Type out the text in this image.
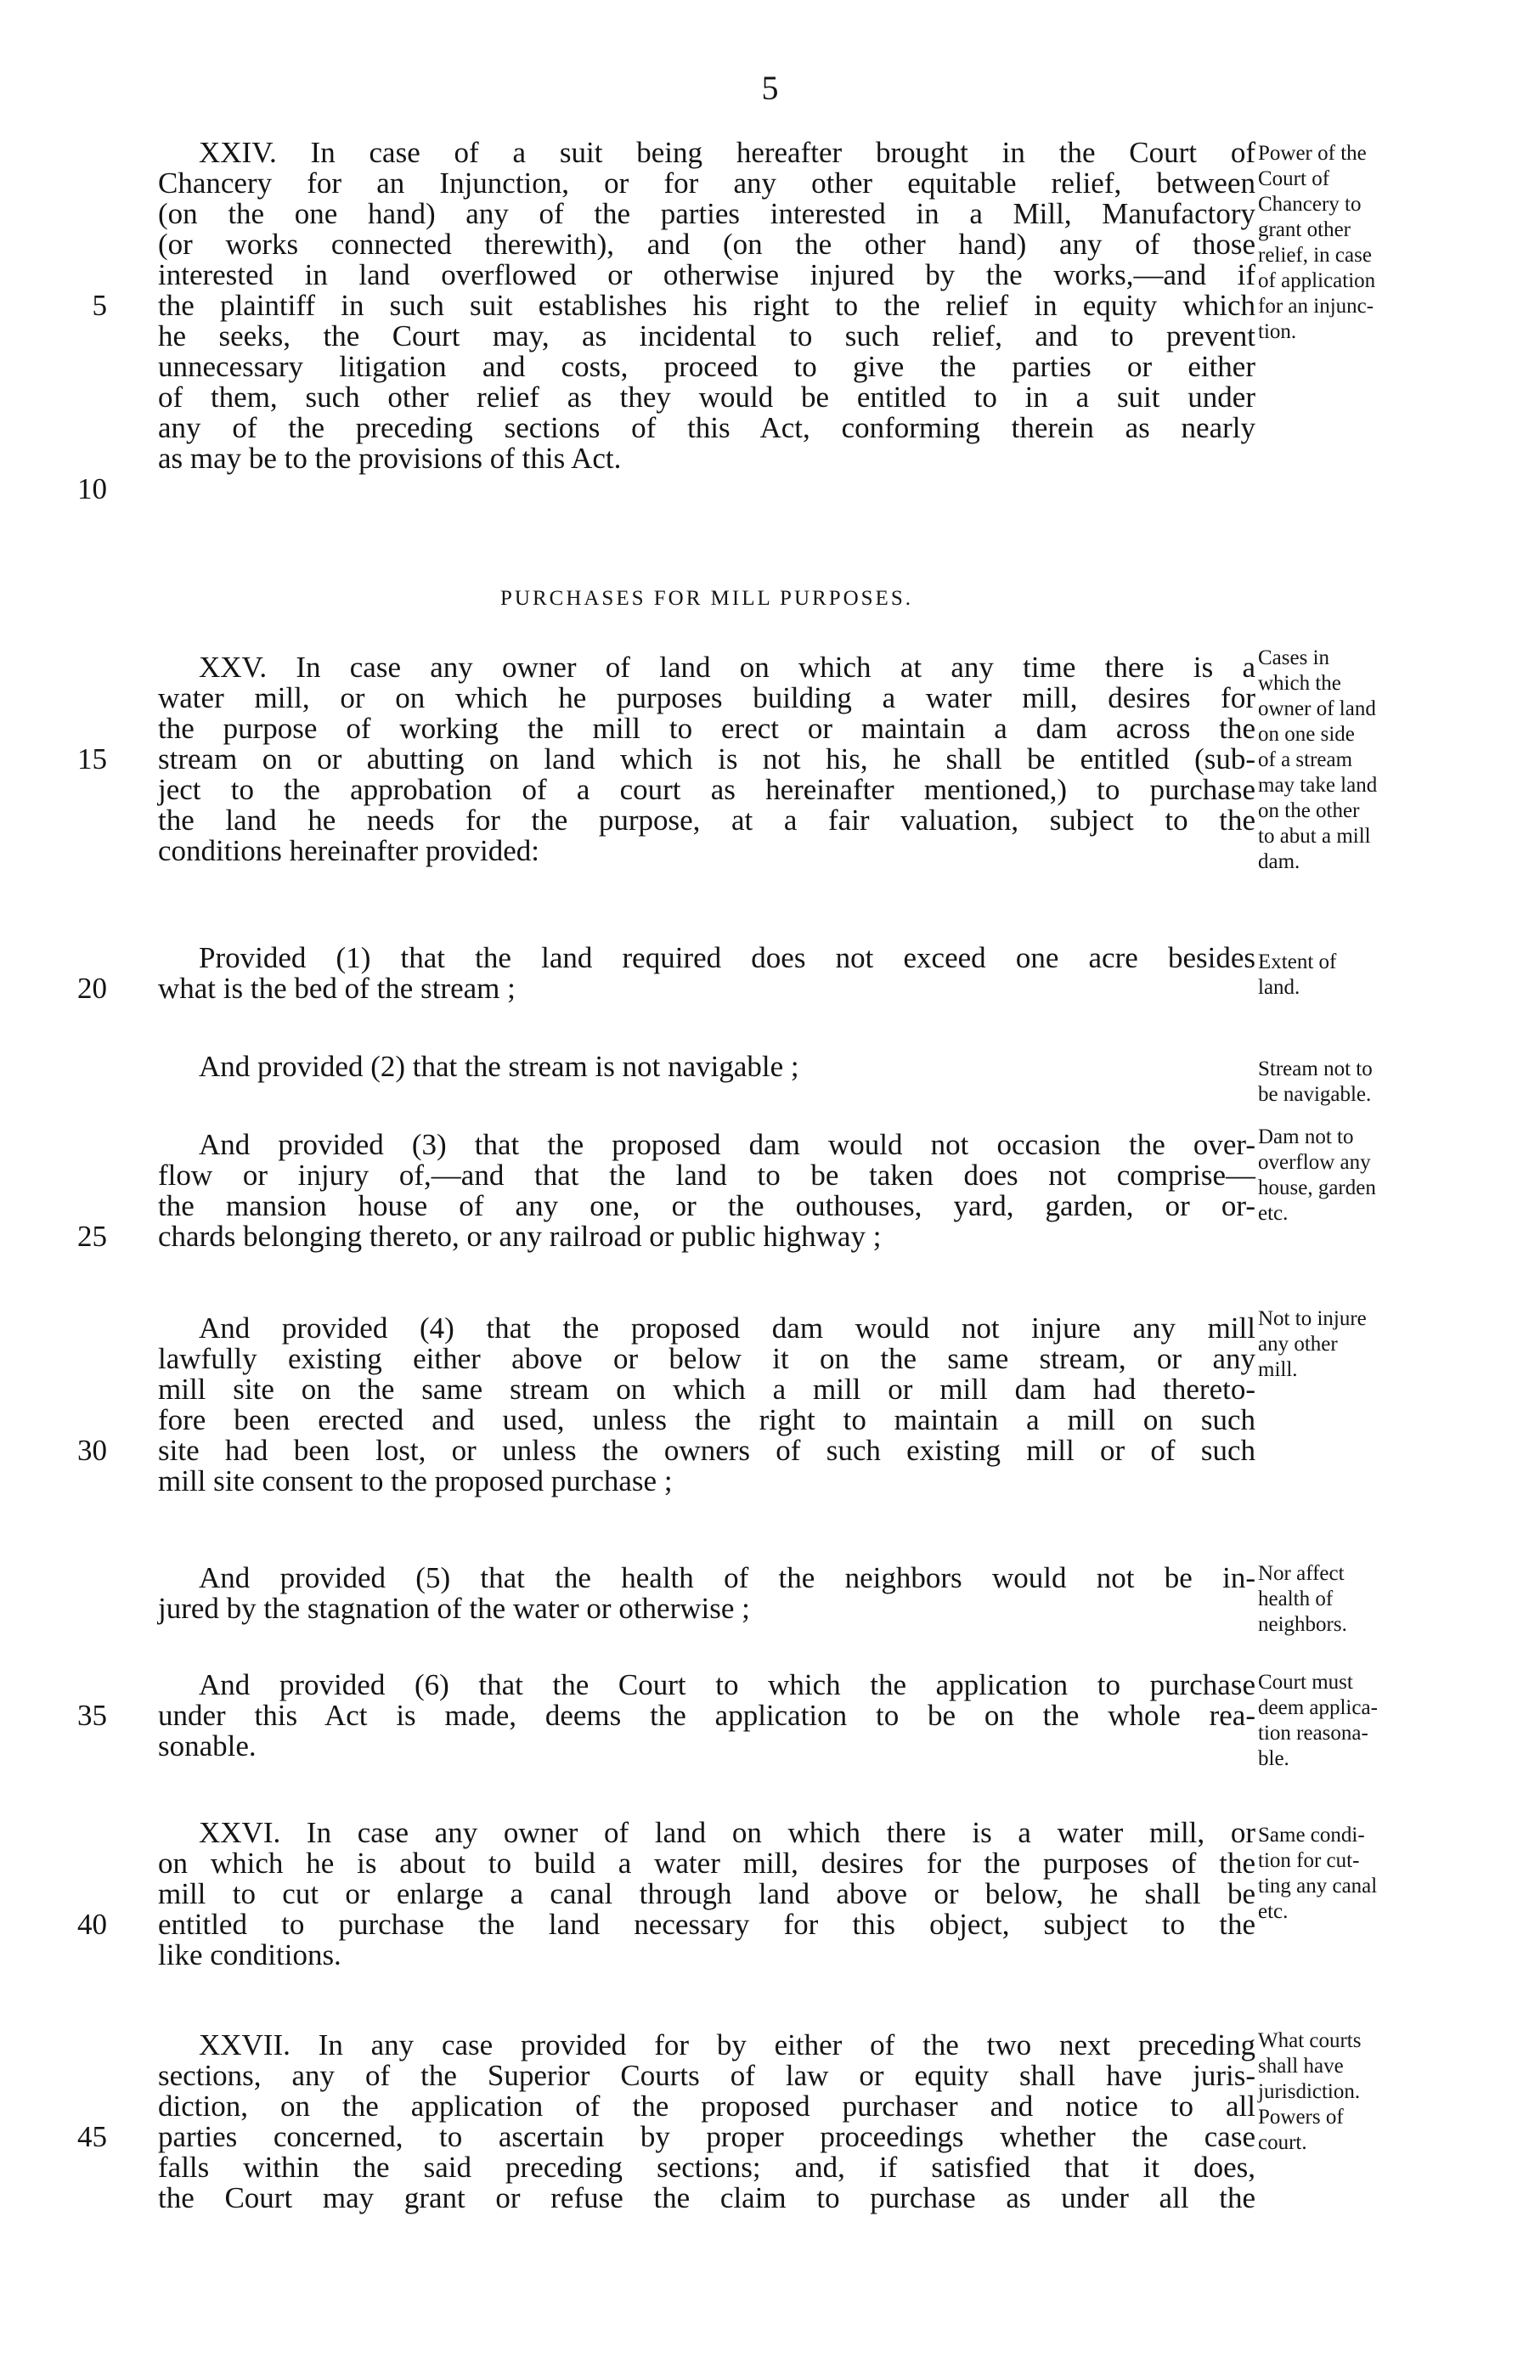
5
XXIV. In case of a suit being hereafter brought in the Court of
Chancery for an Injunction, or for any other equitable relief, between
(on the one hand) any of the parties interested in a Mill, Manufactory
(or works connected therewith), and (on the other hand) any of those
interested in land overflowed or otherwise injured by the works,—and if
the plaintiff in such suit establishes his right to the relief in equity which
he seeks, the Court may, as incidental to such relief, and to prevent
unnecessary litigation and costs, proceed to give the parties or either
of them, such other relief as they would be entitled to in a suit under
any of the preceding sections of this Act, conforming therein as nearly
as may be to the provisions of this Act.
PURCHASES FOR MILL PURPOSES.
XXV. In case any owner of land on which at any time there is a
water mill, or on which he purposes building a water mill, desires for
the purpose of working the mill to erect or maintain a dam across the
stream on or abutting on land which is not his, he shall be entitled (sub-
ject to the approbation of a court as hereinafter mentioned,) to purchase
the land he needs for the purpose, at a fair valuation, subject to the
conditions hereinafter provided:
Provided (1) that the land required does not exceed one acre besides
what is the bed of the stream ;
And provided (2) that the stream is not navigable ;
And provided (3) that the proposed dam would not occasion the over-
flow or injury of,—and that the land to be taken does not comprise—
the mansion house of any one, or the outhouses, yard, garden, or or-
chards belonging thereto, or any railroad or public highway ;
And provided (4) that the proposed dam would not injure any mill
lawfully existing either above or below it on the same stream, or any
mill site on the same stream on which a mill or mill dam had thereto-
fore been erected and used, unless the right to maintain a mill on such
site had been lost, or unless the owners of such existing mill or of such
mill site consent to the proposed purchase ;
And provided (5) that the health of the neighbors would not be in-
jured by the stagnation of the water or otherwise ;
And provided (6) that the Court to which the application to purchase
under this Act is made, deems the application to be on the whole rea-
sonable.
XXVI. In case any owner of land on which there is a water mill, or
on which he is about to build a water mill, desires for the purposes of the
mill to cut or enlarge a canal through land above or below, he shall be
entitled to purchase the land necessary for this object, subject to the
like conditions.
XXVII. In any case provided for by either of the two next preceding
sections, any of the Superior Courts of law or equity shall have juris-
diction, on the application of the proposed purchaser and notice to all
parties concerned, to ascertain by proper proceedings whether the case
falls within the said preceding sections; and, if satisfied that it does,
the Court may grant or refuse the claim to purchase as under all the
5
10
15
20
25
30
35
40
45
Power of the
Court of
Chancery to
grant other
relief, in case
of application
for an injunc-
tion.
Cases in
which the
owner of land
on one side
of a stream
may take land
on the other
to abut a mill
dam.
Extent of
land.
Stream not to
be navigable.
Dam not to
overflow any
house, garden
etc.
Not to injure
any other
mill.
Nor affect
health of
neighbors.
Court must
deem applica-
tion reasona-
ble.
Same condi-
tion for cut-
ting any canal
etc.
What courts
shall have
jurisdiction.
Powers of
court.
